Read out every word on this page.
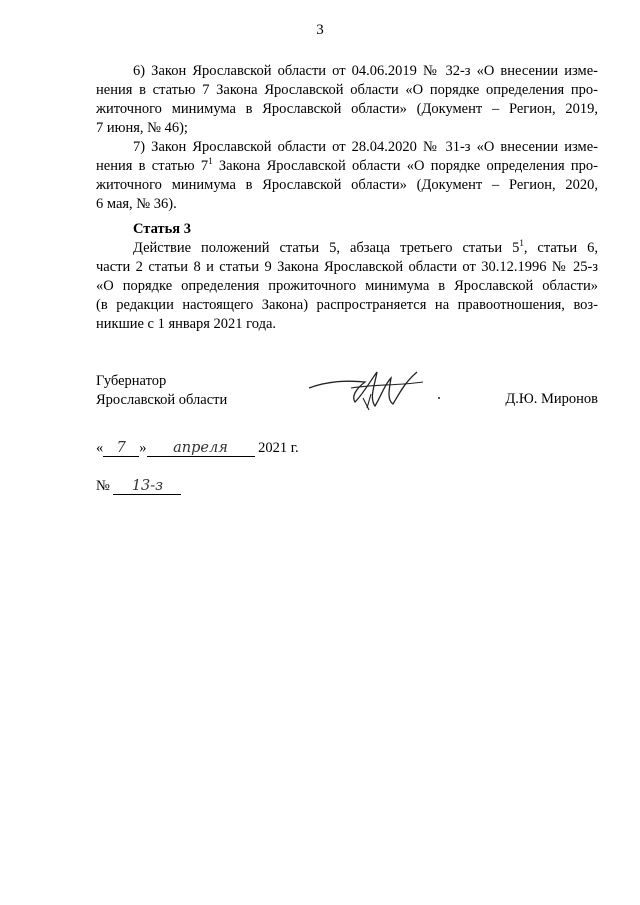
3
6) Закон Ярославской области от 04.06.2019 № 32-з «О внесении изме-
нения в статью 7 Закона Ярославской области «О порядке определения про-
житочного минимума в Ярославской области» (Документ – Регион, 2019,
7 июня, № 46);
7) Закон Ярославской области от 28.04.2020 № 31-з «О внесении изме-
нения в статью $7^1$ Закона Ярославской области «О порядке определения про-
житочного минимума в Ярославской области» (Документ – Регион, 2020,
6 мая, № 36).
Статья 3
Действие положений статьи 5, абзаца третьего статьи $5^1$, статьи 6,
части 2 статьи 8 и статьи 9 Закона Ярославской области от 30.12.1996 № 25-з
«О порядке определения прожиточного минимума в Ярославской области»
(в редакции настоящего Закона) распространяется на правоотношения, воз-
никшие с 1 января 2021 года.
Губернатор
Ярославской области	Д.Ю. Миронов
« 7 » апреля 2021 г.
№ 13-з
